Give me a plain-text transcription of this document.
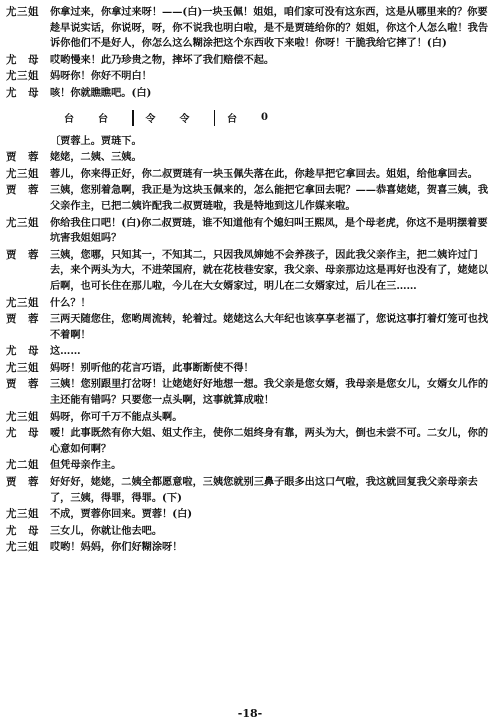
尤三姐	你拿过来，你拿过来呀！——(白)一块玉佩！姐姐，咱们家可没有这东西，这是从哪里来的？你要趁早说实话，你说呀，呀，你不说我也明白啦，是不是贾琏给你的？姐姐，你这个人怎么啦！我告诉你他们不是好人，你怎么这么糊涂把这个东西收下来啦！你呀！干脆我给它摔了！(白)
尤　母	哎哟慢来！此乃珍贵之物，摔坏了我们赔偿不起。
尤三姐	妈呀你！你好不明白！
尤　母	咳！你就瞧瞧吧。(白)
台	台	令	令	台	0
〔贾蓉上。贾琏下。
贾　蓉	姥姥，二姨、三姨。
尤三姐	蓉儿，你来得正好，你二叔贾琏有一块玉佩失落在此，你趁早把它拿回去。姐姐，给他拿回去。
贾　蓉	三姨，您别着急啊，我正是为这块玉佩来的，怎么能把它拿回去呢？——恭喜姥姥，贺喜三姨，我父亲作主，已把二姨许配我二叔贾琏啦，我是特地到这儿作媒来啦。
尤三姐	你给我住口吧！(白)你二叔贾琏，谁不知道他有个媳妇叫王熙凤，是个母老虎，你这不是明摆着要坑害我姐姐吗？
贾　蓉	三姨，您哪，只知其一，不知其二，只因我凤婶她不会养孩子，因此我父亲作主，把二姨许过门去，来个两头为大，不进荣国府，就在花枝巷安家，我父亲、母亲那边这是再好也没有了，姥姥以后啊，也可长住在那儿啦，今儿在大女婿家过，明儿在二女婿家过，后儿在三……
尤三姐	什么？！
贾　蓉	三两天随您住，您哟周流转，轮着过。姥姥这么大年纪也该享享老福了，您说这事打着灯笼可也找不着啊！
尤　母	这……
尤三姐	妈呀！别听他的花言巧语，此事断断使不得！
贾　蓉	三姨！您别跟里打岔呀！让姥姥好好地想一想。我父亲是您女婿，我母亲是您女儿，女婿女儿作的主还能有错吗？只要您一点头啊，这事就算成啦！
尤三姐	妈呀，你可千万不能点头啊。
尤　母	嗳！此事既然有你大姐、姐丈作主，使你二姐终身有靠，两头为大，倒也未尝不可。二女儿，你的心意如何啊？
尤二姐	但凭母亲作主。
贾　蓉	好好好，姥姥，二姨全都愿意啦，三姨您就别三鼻子眼多出这口气啦，我这就回复我父亲母亲去了，三姨，得罪，得罪。(下)
尤三姐	不成，贾蓉你回来。贾蓉！(白)
尤　母	三女儿，你就让他去吧。
尤三姐	哎哟！妈妈，你们好糊涂呀！
-18-
